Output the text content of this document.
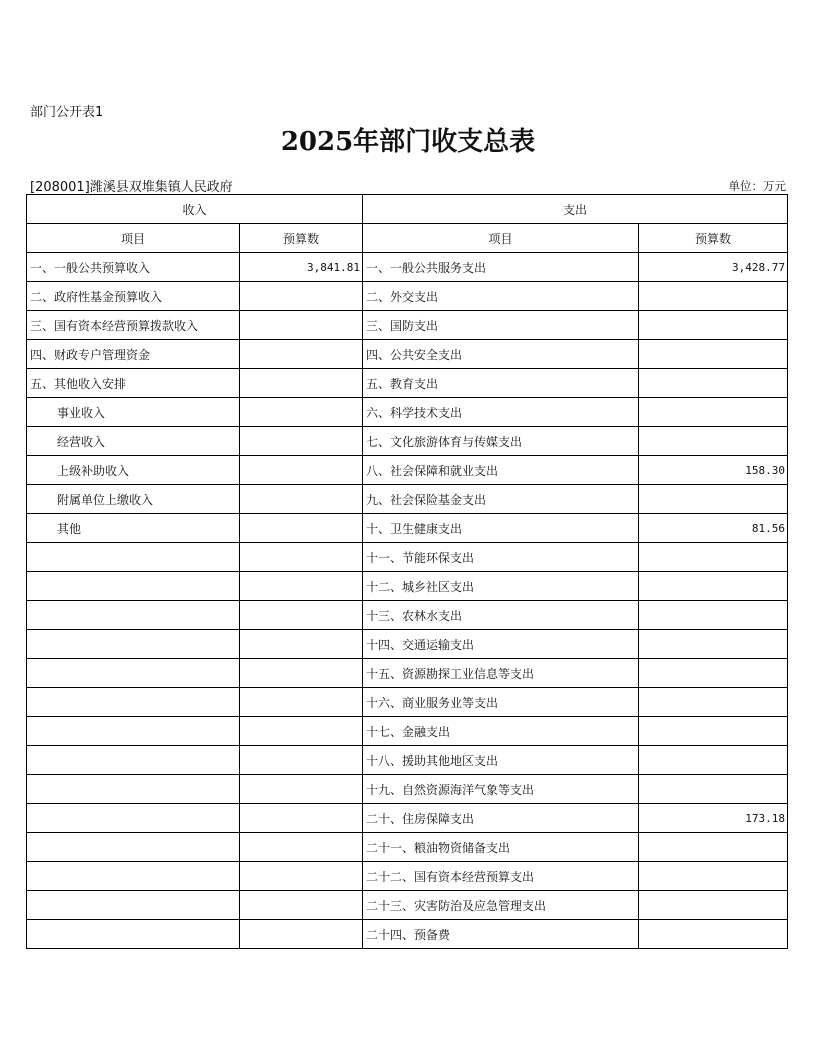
部门公开表1
2025年部门收支总表
[208001]潍溪县双堆集镇人民政府	单位：万元
收入		支出	
项目	预算数	项目	预算数
一、一般公共预算收入	3,841.81	一、一般公共服务支出	3,428.77
二、政府性基金预算收入		二、外交支出	
三、国有资本经营预算拨款收入		三、国防支出	
四、财政专户管理资金		四、公共安全支出	
五、其他收入安排		五、教育支出	
事业收入		六、科学技术支出	
经营收入		七、文化旅游体育与传媒支出	
上级补助收入		八、社会保障和就业支出	158.30
附属单位上缴收入		九、社会保险基金支出	
其他		十、卫生健康支出	81.56
		十一、节能环保支出	
		十二、城乡社区支出	
		十三、农林水支出	
		十四、交通运输支出	
		十五、资源勘探工业信息等支出	
		十六、商业服务业等支出	
		十七、金融支出	
		十八、援助其他地区支出	
		十九、自然资源海洋气象等支出	
		二十、住房保障支出	173.18
		二十一、粮油物资储备支出	
		二十二、国有资本经营预算支出	
		二十三、灾害防治及应急管理支出	
		二十四、预备费	
